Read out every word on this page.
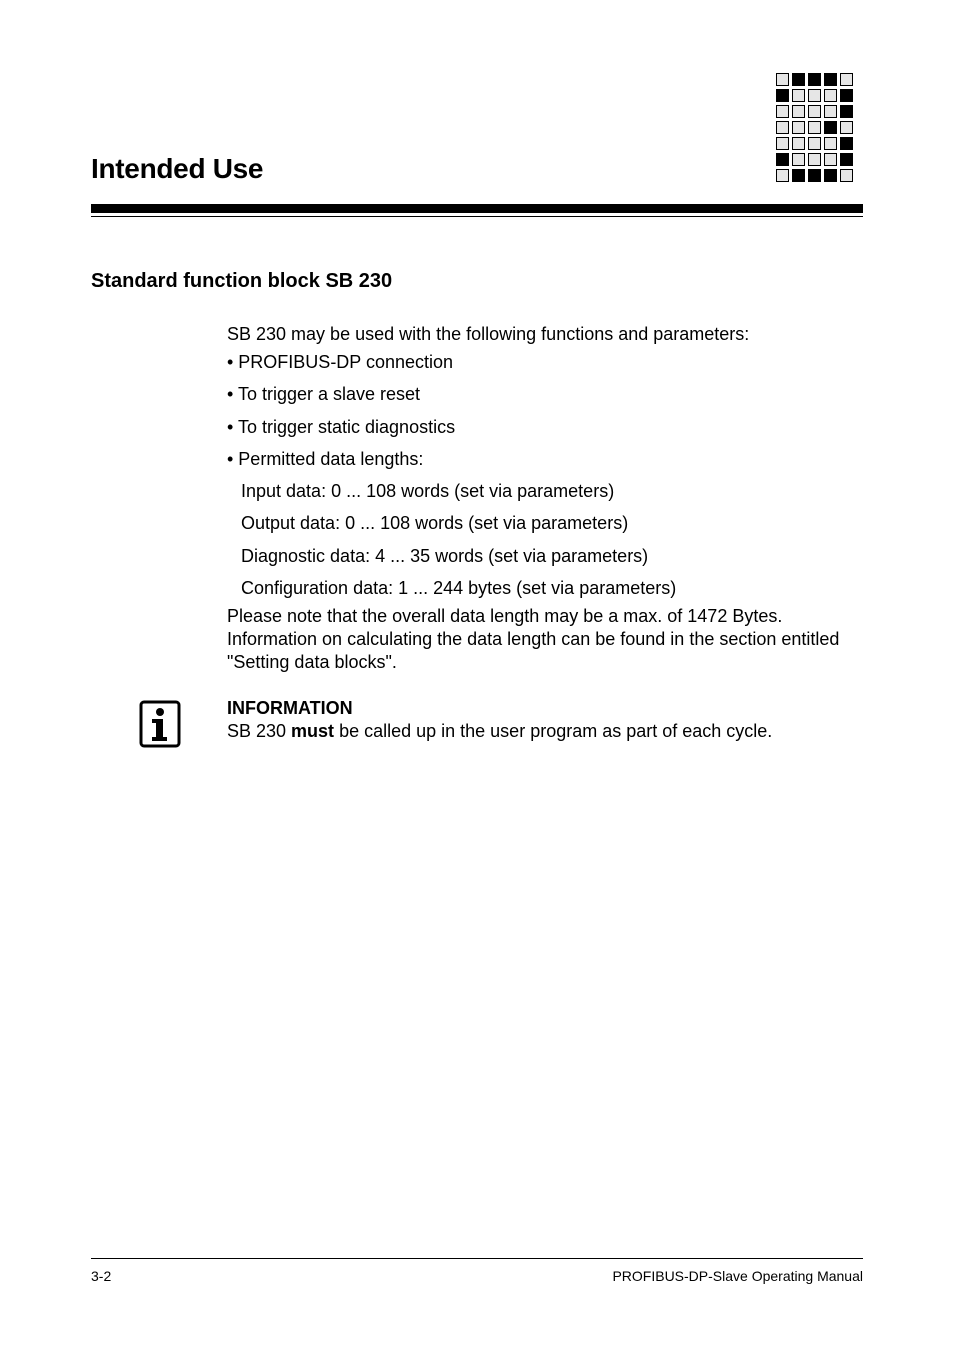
Intended Use
Standard function block SB 230

SB 230 may be used with the following functions and parameters:

• PROFIBUS-DP connection

• To trigger a slave reset

• To trigger static diagnostics

• Permitted data lengths:

Input data: 0 ... 108 words (set via parameters)

Output data: 0 ... 108 words (set via parameters)

Diagnostic data: 4 ... 35 words (set via parameters)

Configuration data: 1 ... 244 bytes (set via parameters)

Please note that the overall data length may be a max. of 1472 Bytes. Information on calculating the data length can be found in the section entitled "Setting data blocks".

INFORMATION
SB 230 must be called up in the user program as part of each cycle.

3-2	PROFIBUS-DP-Slave Operating Manual
